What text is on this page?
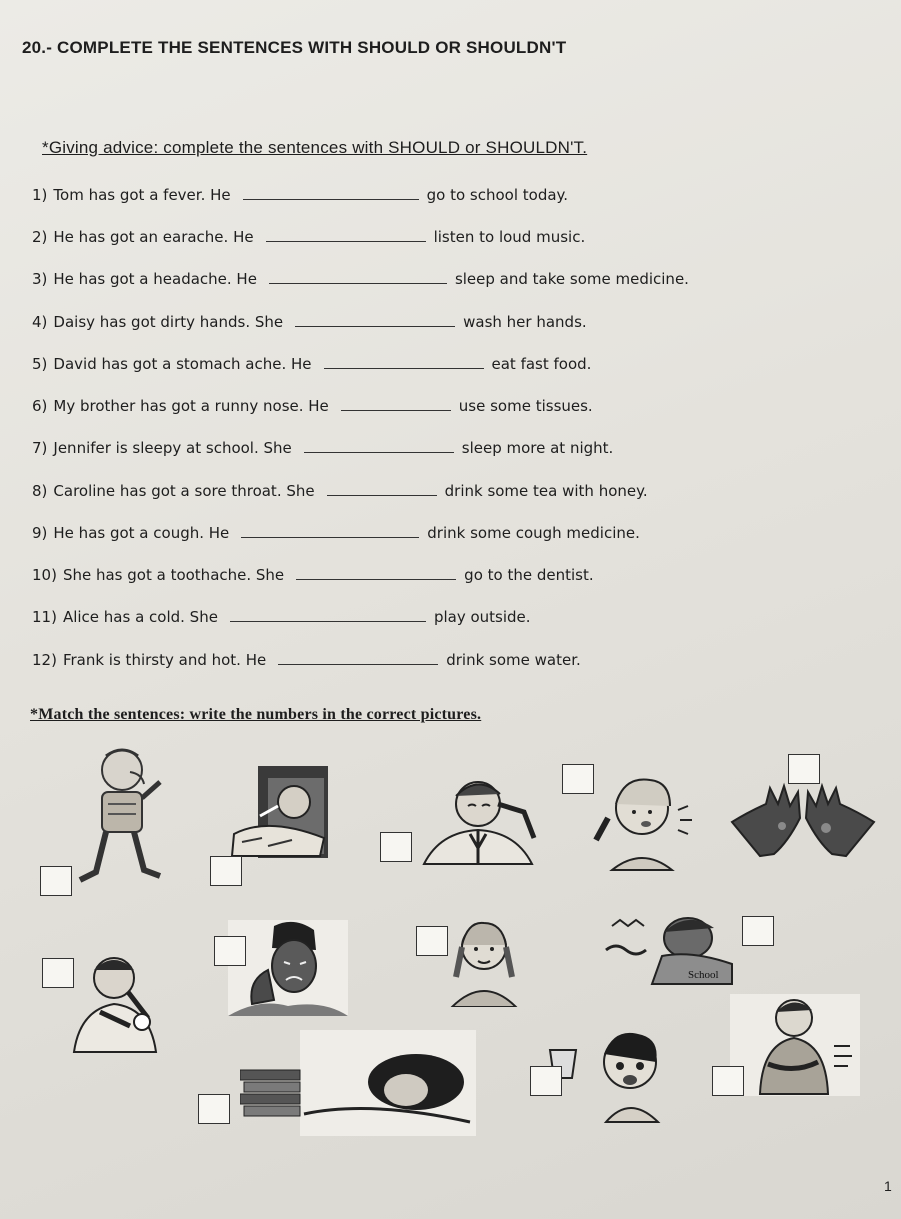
20.- COMPLETE THE SENTENCES WITH SHOULD OR SHOULDN'T
*Giving advice: complete the sentences with SHOULD or SHOULDN'T.
1) Tom has got a fever. He	go to school today.
2) He has got an earache. He	listen to loud music.
3) He has got a headache. He	sleep and take some medicine.
4) Daisy has got dirty hands. She	wash her hands.
5) David has got a stomach ache. He	eat fast food.
6) My brother has got a runny nose. He	use some tissues.
7) Jennifer is sleepy at school. She	sleep more at night.
8) Caroline has got a sore throat. She	drink some tea with honey.
9) He has got a cough. He	drink some cough medicine.
10) She has got a toothache. She	go to the dentist.
11) Alice has a cold. She	play outside.
12) Frank is thirsty and hot. He	drink some water.
*Match the sentences: write the numbers in the correct pictures.
School
1
